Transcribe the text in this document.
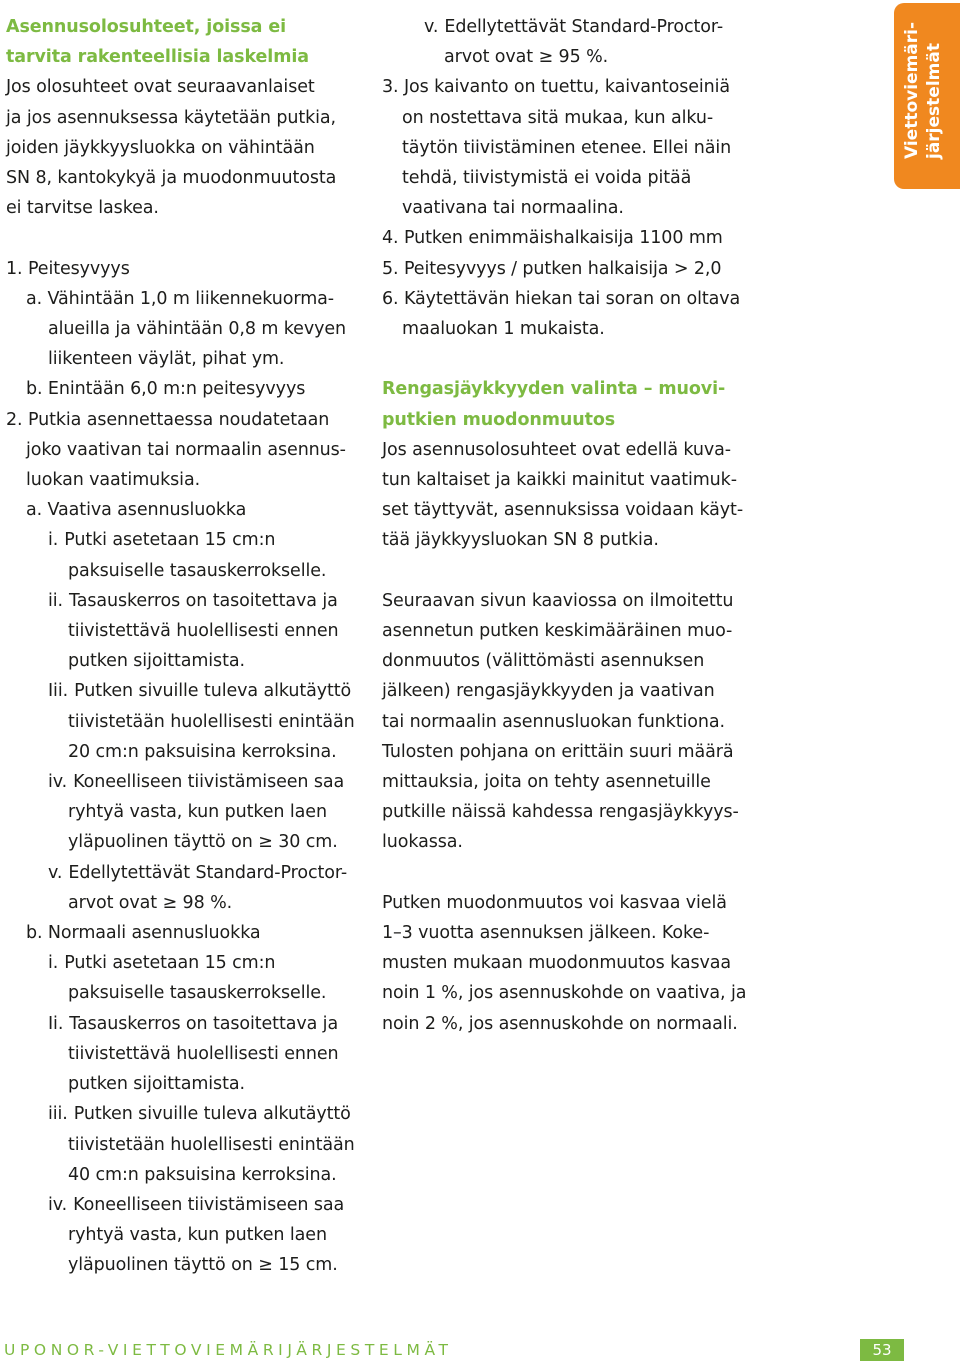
Asennusolosuhteet, joissa ei
tarvita rakenteellisia laskelmia
Jos olosuhteet ovat seuraavanlaiset
ja jos asennuksessa käytetään putkia,
joiden jäykkyysluokka on vähintään
SN 8, kantokykyä ja muodonmuutosta
ei tarvitse laskea.
1. Peitesyvyys
a. Vähintään 1,0 m liikennekuorma-
alueilla ja vähintään 0,8 m kevyen
liikenteen väylät, pihat ym.
b. Enintään 6,0 m:n peitesyvyys
2. Putkia asennettaessa noudatetaan
joko vaativan tai normaalin asennus-
luokan vaatimuksia.
a. Vaativa asennusluokka
i. Putki asetetaan 15 cm:n
paksuiselle tasauskerrokselle.
ii. Tasauskerros on tasoitettava ja
tiivistettävä huolellisesti ennen
putken sijoittamista.
Iii. Putken sivuille tuleva alkutäyttö
tiivistetään huolellisesti enintään
20 cm:n paksuisina kerroksina.
iv. Koneelliseen tiivistämiseen saa
ryhtyä vasta, kun putken laen
yläpuolinen täyttö on ≥ 30 cm.
v. Edellytettävät Standard-Proctor-
arvot ovat ≥ 98 %.
b. Normaali asennusluokka
i. Putki asetetaan 15 cm:n
paksuiselle tasauskerrokselle.
Ii. Tasauskerros on tasoitettava ja
tiivistettävä huolellisesti ennen
putken sijoittamista.
iii. Putken sivuille tuleva alkutäyttö
tiivistetään huolellisesti enintään
40 cm:n paksuisina kerroksina.
iv. Koneelliseen tiivistämiseen saa
ryhtyä vasta, kun putken laen
yläpuolinen täyttö on ≥ 15 cm.
v. Edellytettävät Standard-Proctor-
arvot ovat ≥ 95 %.
3. Jos kaivanto on tuettu, kaivantoseiniä
on nostettava sitä mukaa, kun alku-
täytön tiivistäminen etenee. Ellei näin
tehdä, tiivistymistä ei voida pitää
vaativana tai normaalina.
4. Putken enimmäishalkaisija 1100 mm
5. Peitesyvyys / putken halkaisija > 2,0
6. Käytettävän hiekan tai soran on oltava
maaluokan 1 mukaista.
Rengasjäykkyyden valinta – muovi-
putkien muodonmuutos
Jos asennusolosuhteet ovat edellä kuva-
tun kaltaiset ja kaikki mainitut vaatimuk-
set täyttyvät, asennuksissa voidaan käyt-
tää jäykkyysluokan SN 8 putkia.
Seuraavan sivun kaaviossa on ilmoitettu
asennetun putken keskimääräinen muo-
donmuutos (välittömästi asennuksen
jälkeen) rengasjäykkyyden ja vaativan
tai normaalin asennusluokan funktiona.
Tulosten pohjana on erittäin suuri määrä
mittauksia, joita on tehty asennetuille
putkille näissä kahdessa rengasjäykkyys-
luokassa.
Putken muodonmuutos voi kasvaa vielä
1–3 vuotta asennuksen jälkeen. Koke-
musten mukaan muodonmuutos kasvaa
noin 1 %, jos asennuskohde on vaativa, ja
noin 2 %, jos asennuskohde on normaali.
Viettoviemäri- järjestelmät
UPONOR-VIETTOVIEMÄRIJÄRJESTELMÄT	53
